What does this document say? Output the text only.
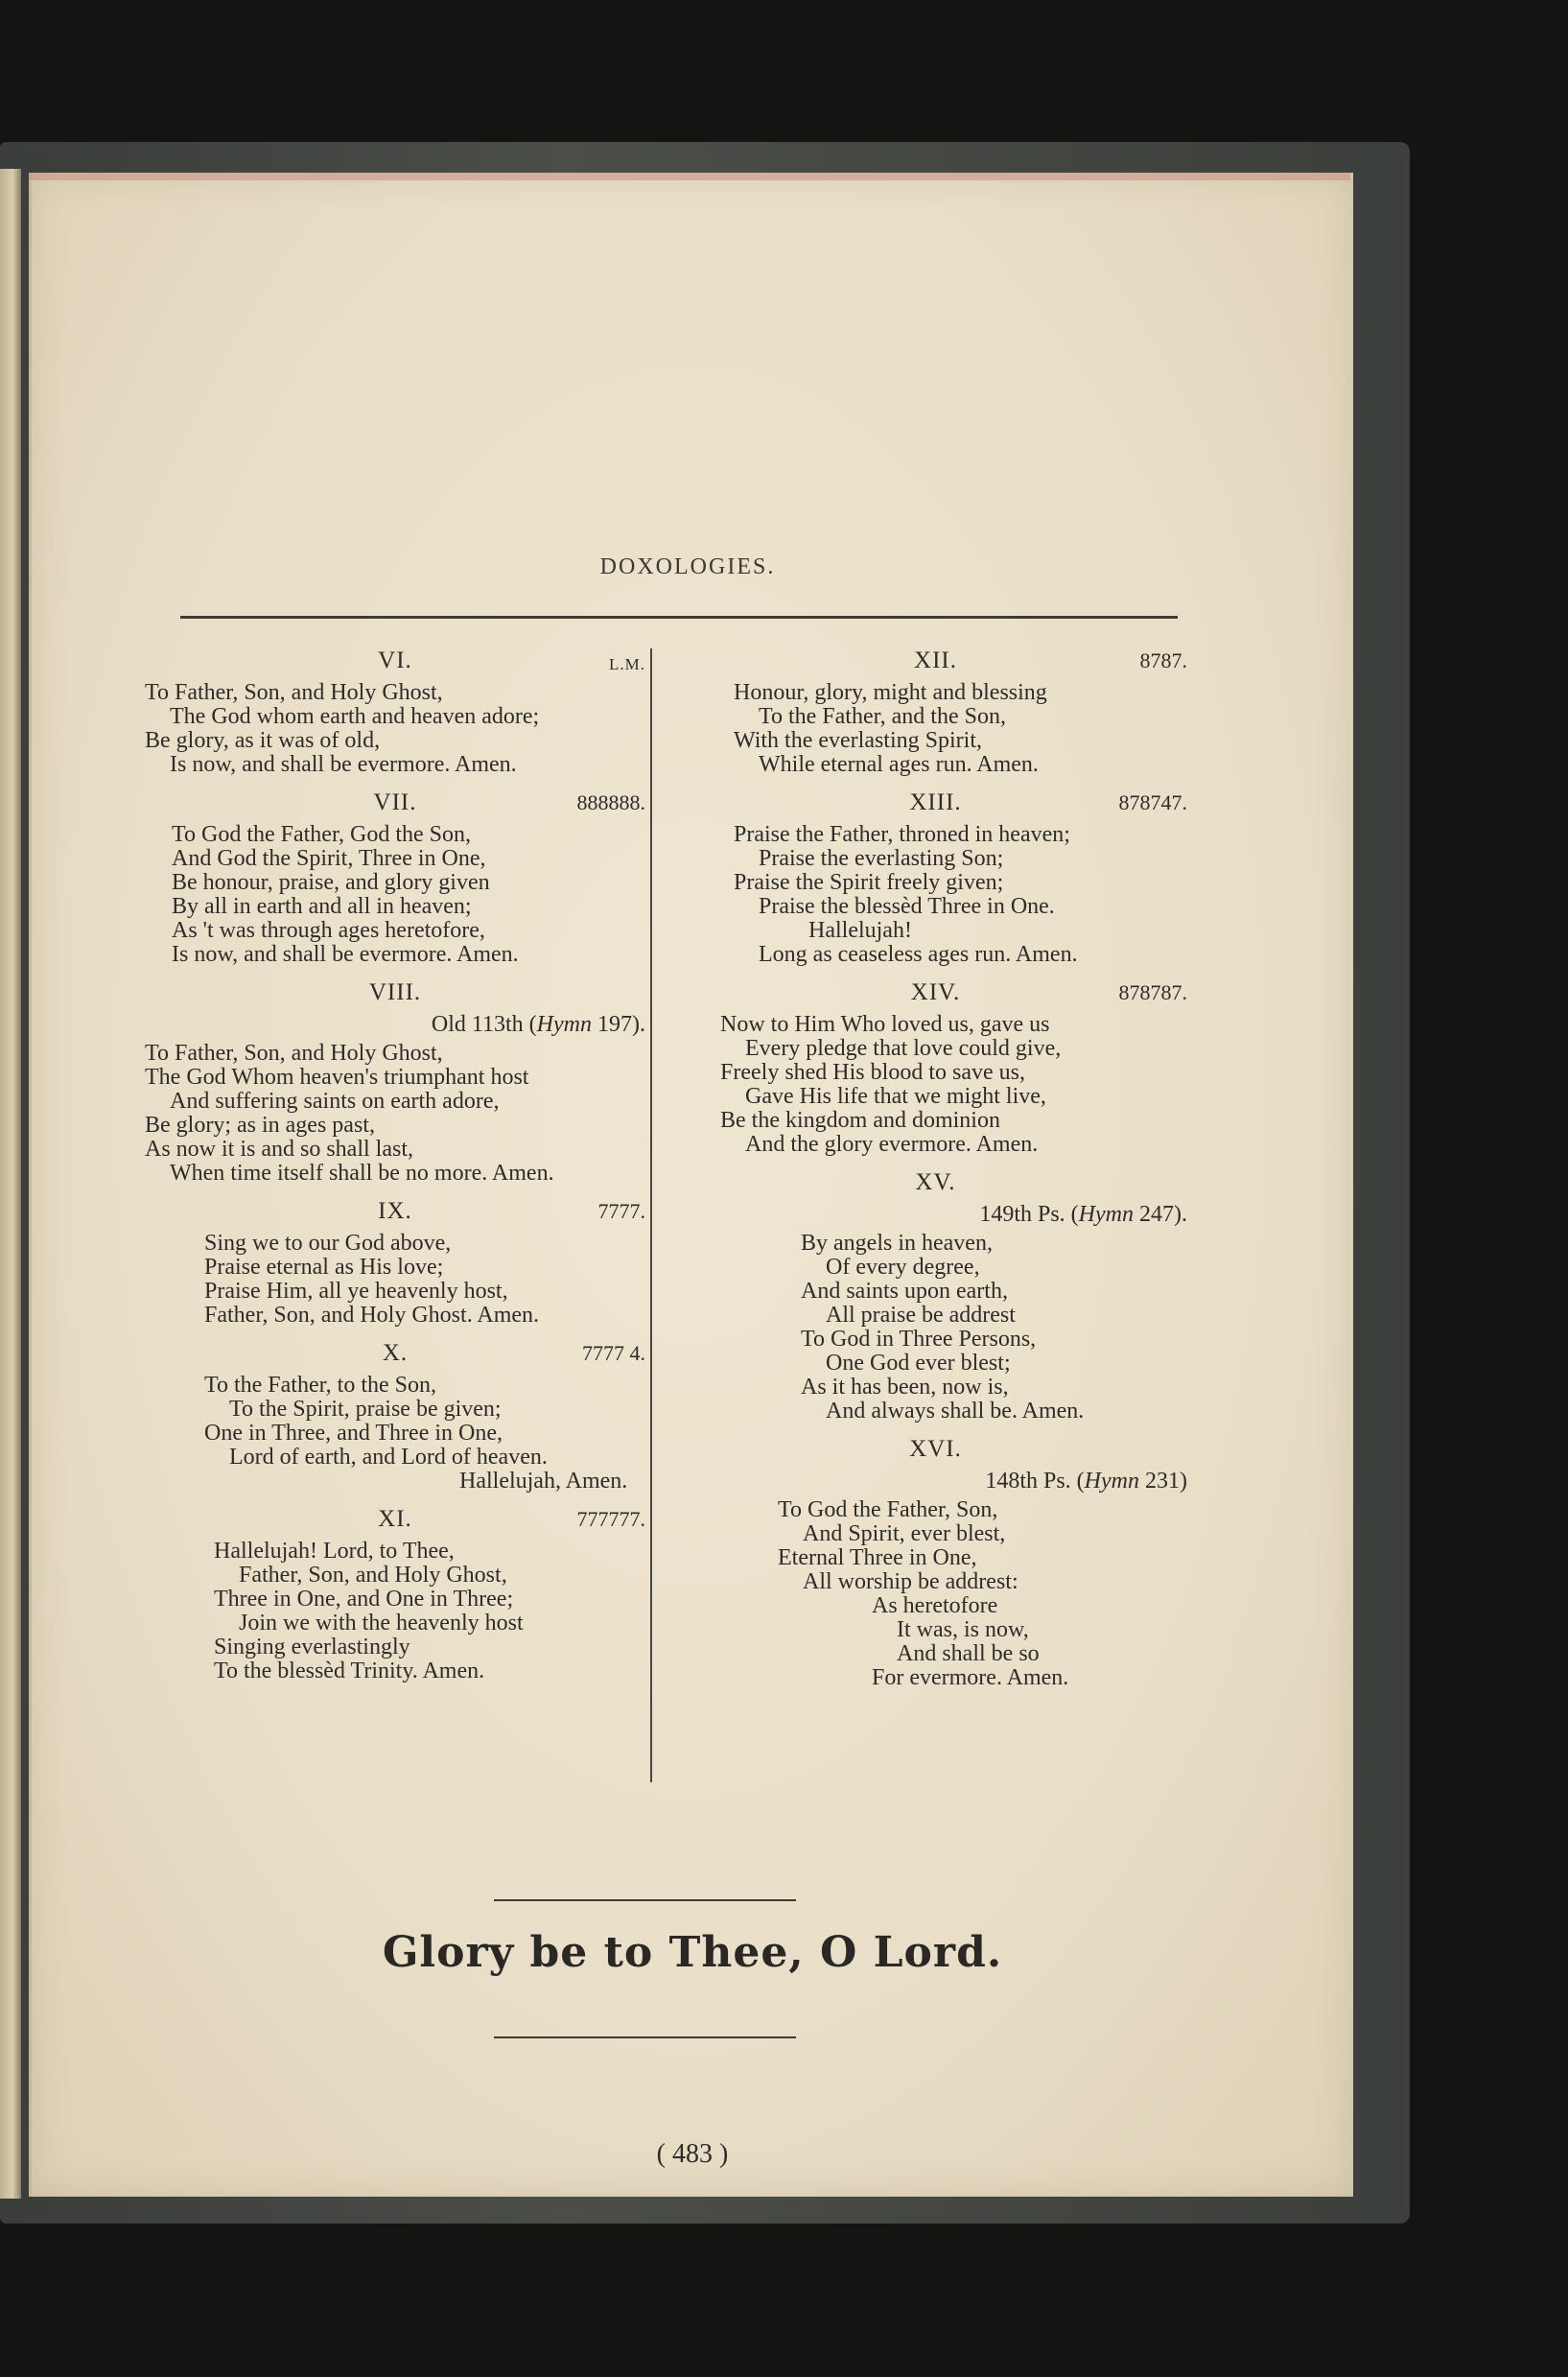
DOXOLOGIES.
VI.	L.M.
To Father, Son, and Holy Ghost,
The God whom earth and heaven adore;
Be glory, as it was of old,
Is now, and shall be evermore. Amen.
VII.	888888.
To God the Father, God the Son,
And God the Spirit, Three in One,
Be honour, praise, and glory given
By all in earth and all in heaven;
As 't was through ages heretofore,
Is now, and shall be evermore. Amen.
VIII.
Old 113th (Hymn 197).
To Father, Son, and Holy Ghost,
The God Whom heaven's triumphant host
And suffering saints on earth adore,
Be glory; as in ages past,
As now it is and so shall last,
When time itself shall be no more. Amen.
IX.	7777.
Sing we to our God above,
Praise eternal as His love;
Praise Him, all ye heavenly host,
Father, Son, and Holy Ghost. Amen.
X.	7777 4.
To the Father, to the Son,
To the Spirit, praise be given;
One in Three, and Three in One,
Lord of earth, and Lord of heaven.
Hallelujah, Amen.
XI.	777777.
Hallelujah! Lord, to Thee,
Father, Son, and Holy Ghost,
Three in One, and One in Three;
Join we with the heavenly host
Singing everlastingly
To the blessèd Trinity. Amen.
XII.	8787.
Honour, glory, might and blessing
To the Father, and the Son,
With the everlasting Spirit,
While eternal ages run. Amen.
XIII.	878747.
Praise the Father, throned in heaven;
Praise the everlasting Son;
Praise the Spirit freely given;
Praise the blessèd Three in One.
Hallelujah!
Long as ceaseless ages run. Amen.
XIV.	878787.
Now to Him Who loved us, gave us
Every pledge that love could give,
Freely shed His blood to save us,
Gave His life that we might live,
Be the kingdom and dominion
And the glory evermore. Amen.
XV.
149th Ps. (Hymn 247).
By angels in heaven,
Of every degree,
And saints upon earth,
All praise be addrest
To God in Three Persons,
One God ever blest;
As it has been, now is,
And always shall be. Amen.
XVI.
148th Ps. (Hymn 231)
To God the Father, Son,
And Spirit, ever blest,
Eternal Three in One,
All worship be addrest:
As heretofore
It was, is now,
And shall be so
For evermore. Amen.
Glory be to Thee, O Lord.
( 483 )
